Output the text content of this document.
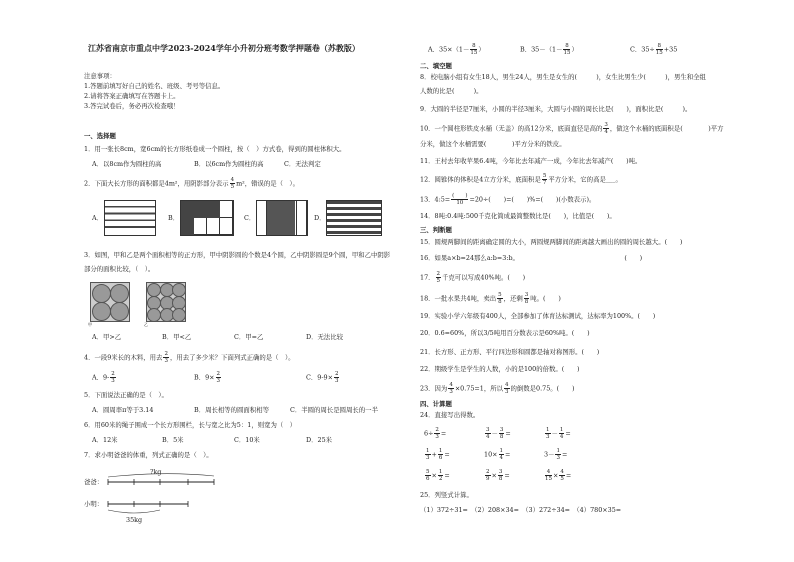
江苏省南京市重点中学2023-2024学年小升初分班考数学押题卷（苏教版）
注意事项：
1.答题前填写好自己的姓名、班级、考号等信息。
2.请将答案正确填写在答题卡上。
3.答完试卷后，务必再次检查哦！
一、选择题
1．用一张长8cm，宽6cm的长方形纸卷成一个圆柱，按（　）方式卷，得到的圆柱体积大。
A．以8cm作为圆柱的高	B．以6cm作为圆柱的高	C．无法判定
2．下面大长方形的面积都是4m²，用阴影部分表示 $\frac{4}{5} m^2$，错误的是（　）。
A．	B．	C．	D．
3．如图，甲和乙是两个面积相等的正方形，甲中阴影圆的个数是4个圆，乙中阴影圆是9个圆，甲和乙中阴影
部分的面积比较，（　）。
甲	乙
A．甲>乙	B．甲<乙	C．甲=乙	D．无法比较
4．一段9米长的木料，用去 $\frac{2}{3}$ ，用去了多少米？下面列式正确的是（　）。
A．$9- \frac{2}{3}$	B．$9\times \frac{2}{3}$	C．$9-9\times \frac{2}{3}$
5．下面说法正确的是（　）。
A．圆周率π等于3.14	B．周长相等的圆面积相等	C．半圆的周长是圆周长的一半
6．用60米的绳子围成一个长方形围栏，长与宽之比为5：1，则宽为（　）
A．12米	B．5米	C．10米	D．25米
7．求小明爸爸的体重，列式正确的是（　）。
?kg
爸爸：
小明：
35kg
A．$35\times(1- \frac{8}{15}$ ）	B．$35-(1- \frac{8}{15}$ ）	C．$35\div \frac{8}{15} +35$
二、填空题
8．校电脑小组有女生18人，男生24人，男生是女生的(　　　)，女生比男生少(　　　)，男生和全组
人数的比是(　　　)。
9．大圆的半径是7厘米，小圆的半径3厘米，大圆与小圆的周长比是(　　)，面积比是(　　　)。
10．一个圆柱形铁皮水桶（无盖）的高12分米，底面直径是高的 $\frac{3}{4}$ ，做这个水桶的底面积是(　　　　)平方
分米，做这个水桶需要(　　　　)平方分米的铁皮。
11．王村去年收苹果6.4吨，今年比去年减产一成，今年比去年减产(　　)吨。
12．圆锥体的体积是4立方分米，底面积是 $\frac{5}{7}$ 平方分米，它的高是___。
13．4:5= $\frac{( )}{10} =20\div$(　　)=(　　)%=(　　)(小数表示)。
14．8吨:0.4吨:500千克化简成最简整数比是(　　)，比值是(　　)。
三、判断题
15．圆规两脚间的距离确定圆的大小，两圆规两脚间的距离越大画出的圆的周长越大。(　　)
16．如果a×b=24那么a:b=3:b。　　　　　　　　　　　　　　　　　(　　)
17． $\frac{2}{5}$ 千克可以写成40%吨。(　　)
18．一批水果共4吨，卖出 $\frac{5}{8}$ ，还剩 $\frac{3}{8}$ 吨。(　　)
19．实验小学六年级有400人，全部参加了体育达标测试，达标率为100%。(　　)
20．0.6=60%，所以3/5吨用百分数表示是60%吨。(　　)
21．长方形、正方形、平行四边形和圆都是轴对称图形。(　　)
22．期级学生是学生的人数，小的是100的倍数。(　　)
23．因为 $\frac{4}{3} \times 0.75=1$，所以 $\frac{4}{3}$ 的倒数是0.75。(　　)
四、计算题
24．直接写出得数。
$6\div \frac{2}{3}$ =	$\frac{3}{4} - \frac{3}{8}$ =	$\frac{1}{3} - \frac{1}{4}$ =
$\frac{1}{3} + \frac{1}{6}$ =	$10\times \frac{1}{4}$ =	$3- \frac{1}{3}$ =
$\frac{5}{6} \times \frac{1}{2}$ =	$\frac{2}{9} \times \frac{3}{8}$ =	$\frac{4}{15} \times \frac{4}{5}$ =
25．列竖式计算。
（1）372÷31=　（2）208×34=　（3）272÷34=　（4）780×35=
